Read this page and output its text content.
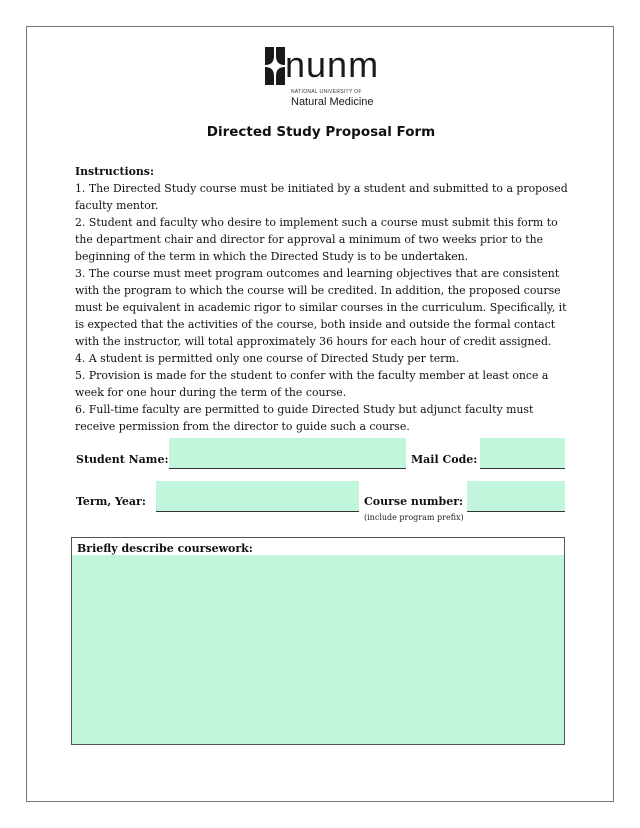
nunm
NATIONAL UNIVERSITY OF
Natural Medicine
Directed Study Proposal Form

Instructions:

1. The Directed Study course must be initiated by a student and submitted to a proposed faculty mentor.

2. Student and faculty who desire to implement such a course must submit this form to the department chair and director for approval a minimum of two weeks prior to the beginning of the term in which the Directed Study is to be undertaken.

3. The course must meet program outcomes and learning objectives that are consistent with the program to which the course will be credited. In addition, the proposed course must be equivalent in academic rigor to similar courses in the curriculum. Specifically, it is expected that the activities of the course, both inside and outside the formal contact with the instructor, will total approximately 36 hours for each hour of credit assigned.

4. A student is permitted only one course of Directed Study per term.

5. Provision is made for the student to confer with the faculty member at least once a week for one hour during the term of the course.

6. Full-time faculty are permitted to guide Directed Study but adjunct faculty must receive permission from the director to guide such a course.

Student Name:	Mail Code:
Term, Year:	Course number:
(include program prefix)
Briefly describe coursework:
